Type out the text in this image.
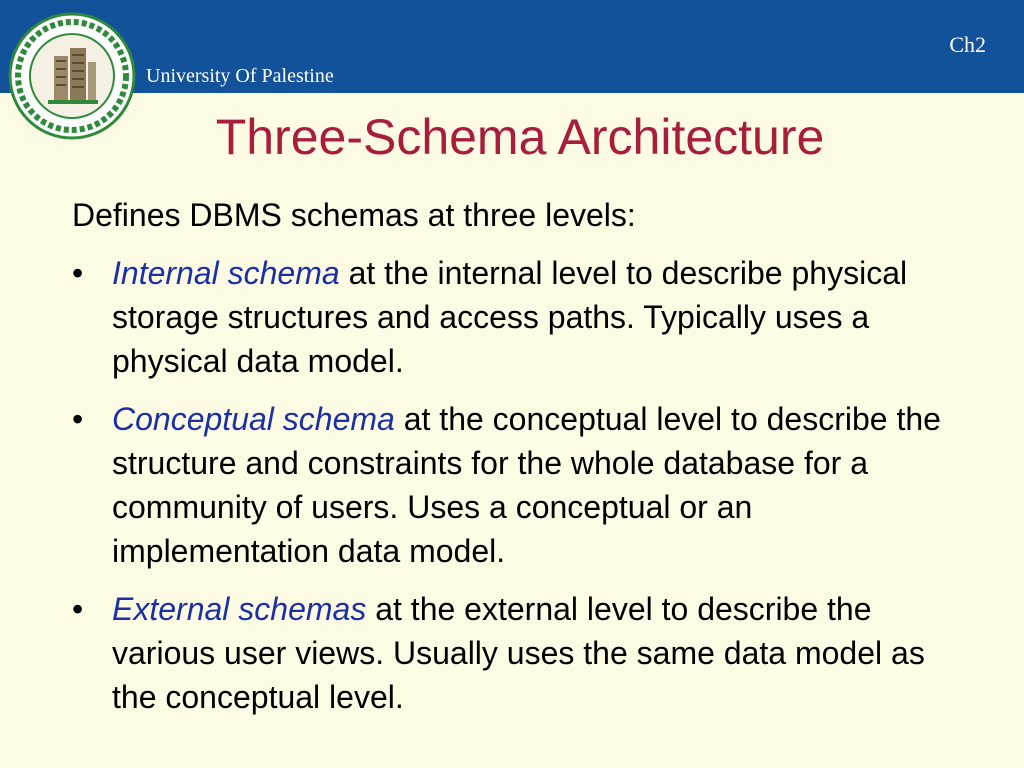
Ch2
University Of Palestine
Three-Schema Architecture

Defines DBMS schemas at three levels:

• Internal schema at the internal level to describe physical storage structures and access paths. Typically uses a physical data model.

• Conceptual schema at the conceptual level to describe the structure and constraints for the whole database for a community of users. Uses a conceptual or an implementation data model.

• External schemas at the external level to describe the various user views. Usually uses the same data model as the conceptual level.
